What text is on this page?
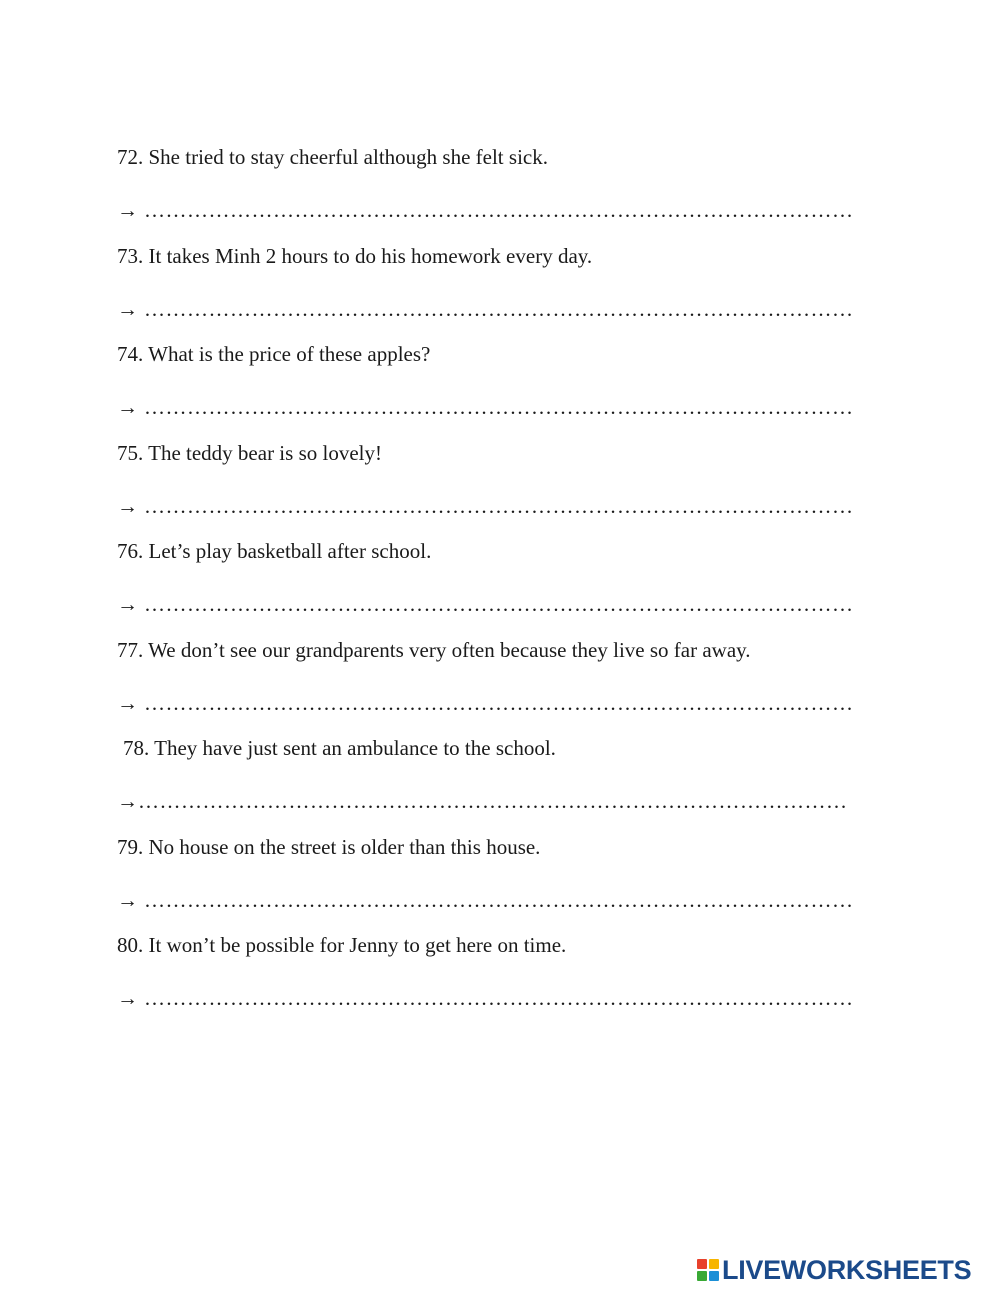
72. She tried to stay cheerful although she felt sick.
→ ………………………………………………………………………………………
73. It takes Minh 2 hours to do his homework every day.
→ ………………………………………………………………………………………
74. What is the price of these apples?
→ ………………………………………………………………………………………
75. The teddy bear is so lovely!
→ ………………………………………………………………………………………
76. Let’s play basketball after school.
→ ………………………………………………………………………………………
77. We don’t see our grandparents very often because they live so far away.
→ ………………………………………………………………………………………
78. They have just sent an ambulance to the school.
→………………………………………………………………………………………
79. No house on the street is older than this house.
→ ………………………………………………………………………………………
80. It won’t be possible for Jenny to get here on time.
→ ………………………………………………………………………………………
LIVEWORKSHEETS
